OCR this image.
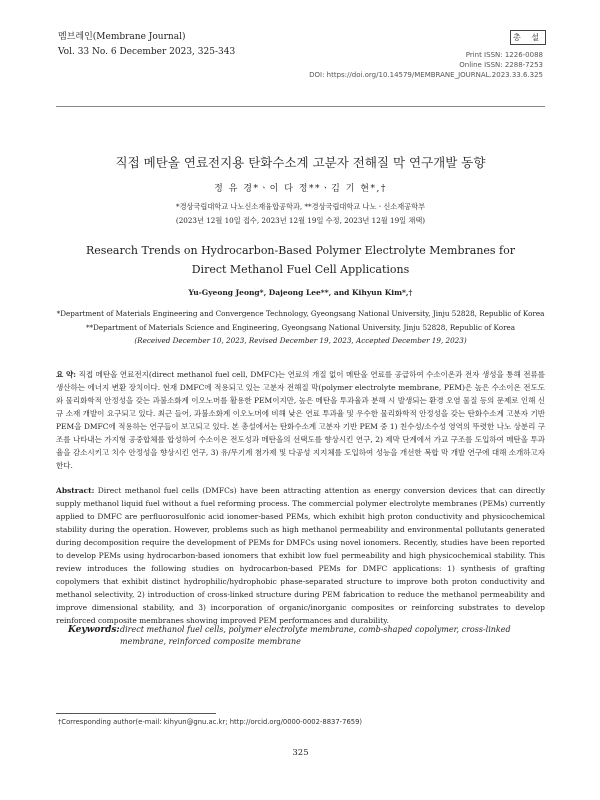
멤브레인(Membrane Journal)
Vol. 33 No. 6 December 2023, 325-343
총 설
Print ISSN: 1226-0088
Online ISSN: 2288-7253
DOI: https://doi.org/10.14579/MEMBRANE_JOURNAL.2023.33.6.325
직접 메탄올 연료전지용 탄화수소계 고분자 전해질 막 연구개발 동향
정 유 경*ㆍ이 다 정**ㆍ김 기 현*,†
*경상국립대학교 나노신소재융합공학과, **경상국립대학교 나노ㆍ신소재공학부
(2023년 12월 10일 접수, 2023년 12월 19일 수정, 2023년 12월 19일 채택)
Research Trends on Hydrocarbon-Based Polymer Electrolyte Membranes for
Direct Methanol Fuel Cell Applications
Yu-Gyeong Jeong*, Dajeong Lee**, and Kihyun Kim*,†
*Department of Materials Engineering and Convergence Technology, Gyeongsang National University, Jinju 52828, Republic of Korea
**Department of Materials Science and Engineering, Gyeongsang National University, Jinju 52828, Republic of Korea
(Received December 10, 2023, Revised December 19, 2023, Accepted December 19, 2023)
요 약: 직접 메탄올 연료전지(direct methanol fuel cell, DMFC)는 연료의 개질 없이 메탄올 연료를 공급하여 수소이온과 전자 생성을 통해 전류를 생산하는 에너지 변환 장치이다. 현재 DMFC에 적용되고 있는 고분자 전해질 막(polymer electrolyte membrane, PEM)은 높은 수소이온 전도도와 물리화학적 안정성을 갖는 과불소화계 이오노머를 활용한 PEM이지만, 높은 메탄올 투과율과 분해 시 발생되는 환경 오염 물질 등의 문제로 인해 신규 소재 개발이 요구되고 있다. 최근 들어, 과불소화계 이오노머에 비해 낮은 연료 투과율 및 우수한 물리화학적 안정성을 갖는 탄화수소계 고분자 기반 PEM을 DMFC에 적용하는 연구들이 보고되고 있다. 본 총설에서는 탄화수소계 고분자 기반 PEM 중 1) 친수성/소수성 영역의 뚜렷한 나노 상분리 구조를 나타내는 가지형 공중합체를 합성하여 수소이온 전도성과 메탄올의 선택도를 향상시킨 연구, 2) 제막 단계에서 가교 구조를 도입하여 메탄올 투과율을 감소시키고 치수 안정성을 향상시킨 연구, 3) 유/무기계 첨가제 및 다공성 지지체를 도입하여 성능을 개선한 복합 막 개발 연구에 대해 소개하고자 한다.
Abstract: Direct methanol fuel cells (DMFCs) have been attracting attention as energy conversion devices that can directly supply methanol liquid fuel without a fuel reforming process. The commercial polymer electrolyte membranes (PEMs) currently applied to DMFC are perfluorosulfonic acid ionomer-based PEMs, which exhibit high proton conductivity and physicochemical stability during the operation. However, problems such as high methanol permeability and environmental pollutants generated during decomposition require the development of PEMs for DMFCs using novel ionomers. Recently, studies have been reported to develop PEMs using hydrocarbon-based ionomers that exhibit low fuel permeability and high physicochemical stability. This review introduces the following studies on hydrocarbon-based PEMs for DMFC applications: 1) synthesis of grafting copolymers that exhibit distinct hydrophilic/hydrophobic phase-separated structure to improve both proton conductivity and methanol selectivity, 2) introduction of cross-linked structure during PEM fabrication to reduce the methanol permeability and improve dimensional stability, and 3) incorporation of organic/inorganic composites or reinforcing substrates to develop reinforced composite membranes showing improved PEM performances and durability.
Keywords: direct methanol fuel cells, polymer electrolyte membrane, comb-shaped copolymer, cross-linked membrane, reinforced composite membrane
†Corresponding author(e-mail: kihyun@gnu.ac.kr; http://orcid.org/0000-0002-8837-7659)
325
